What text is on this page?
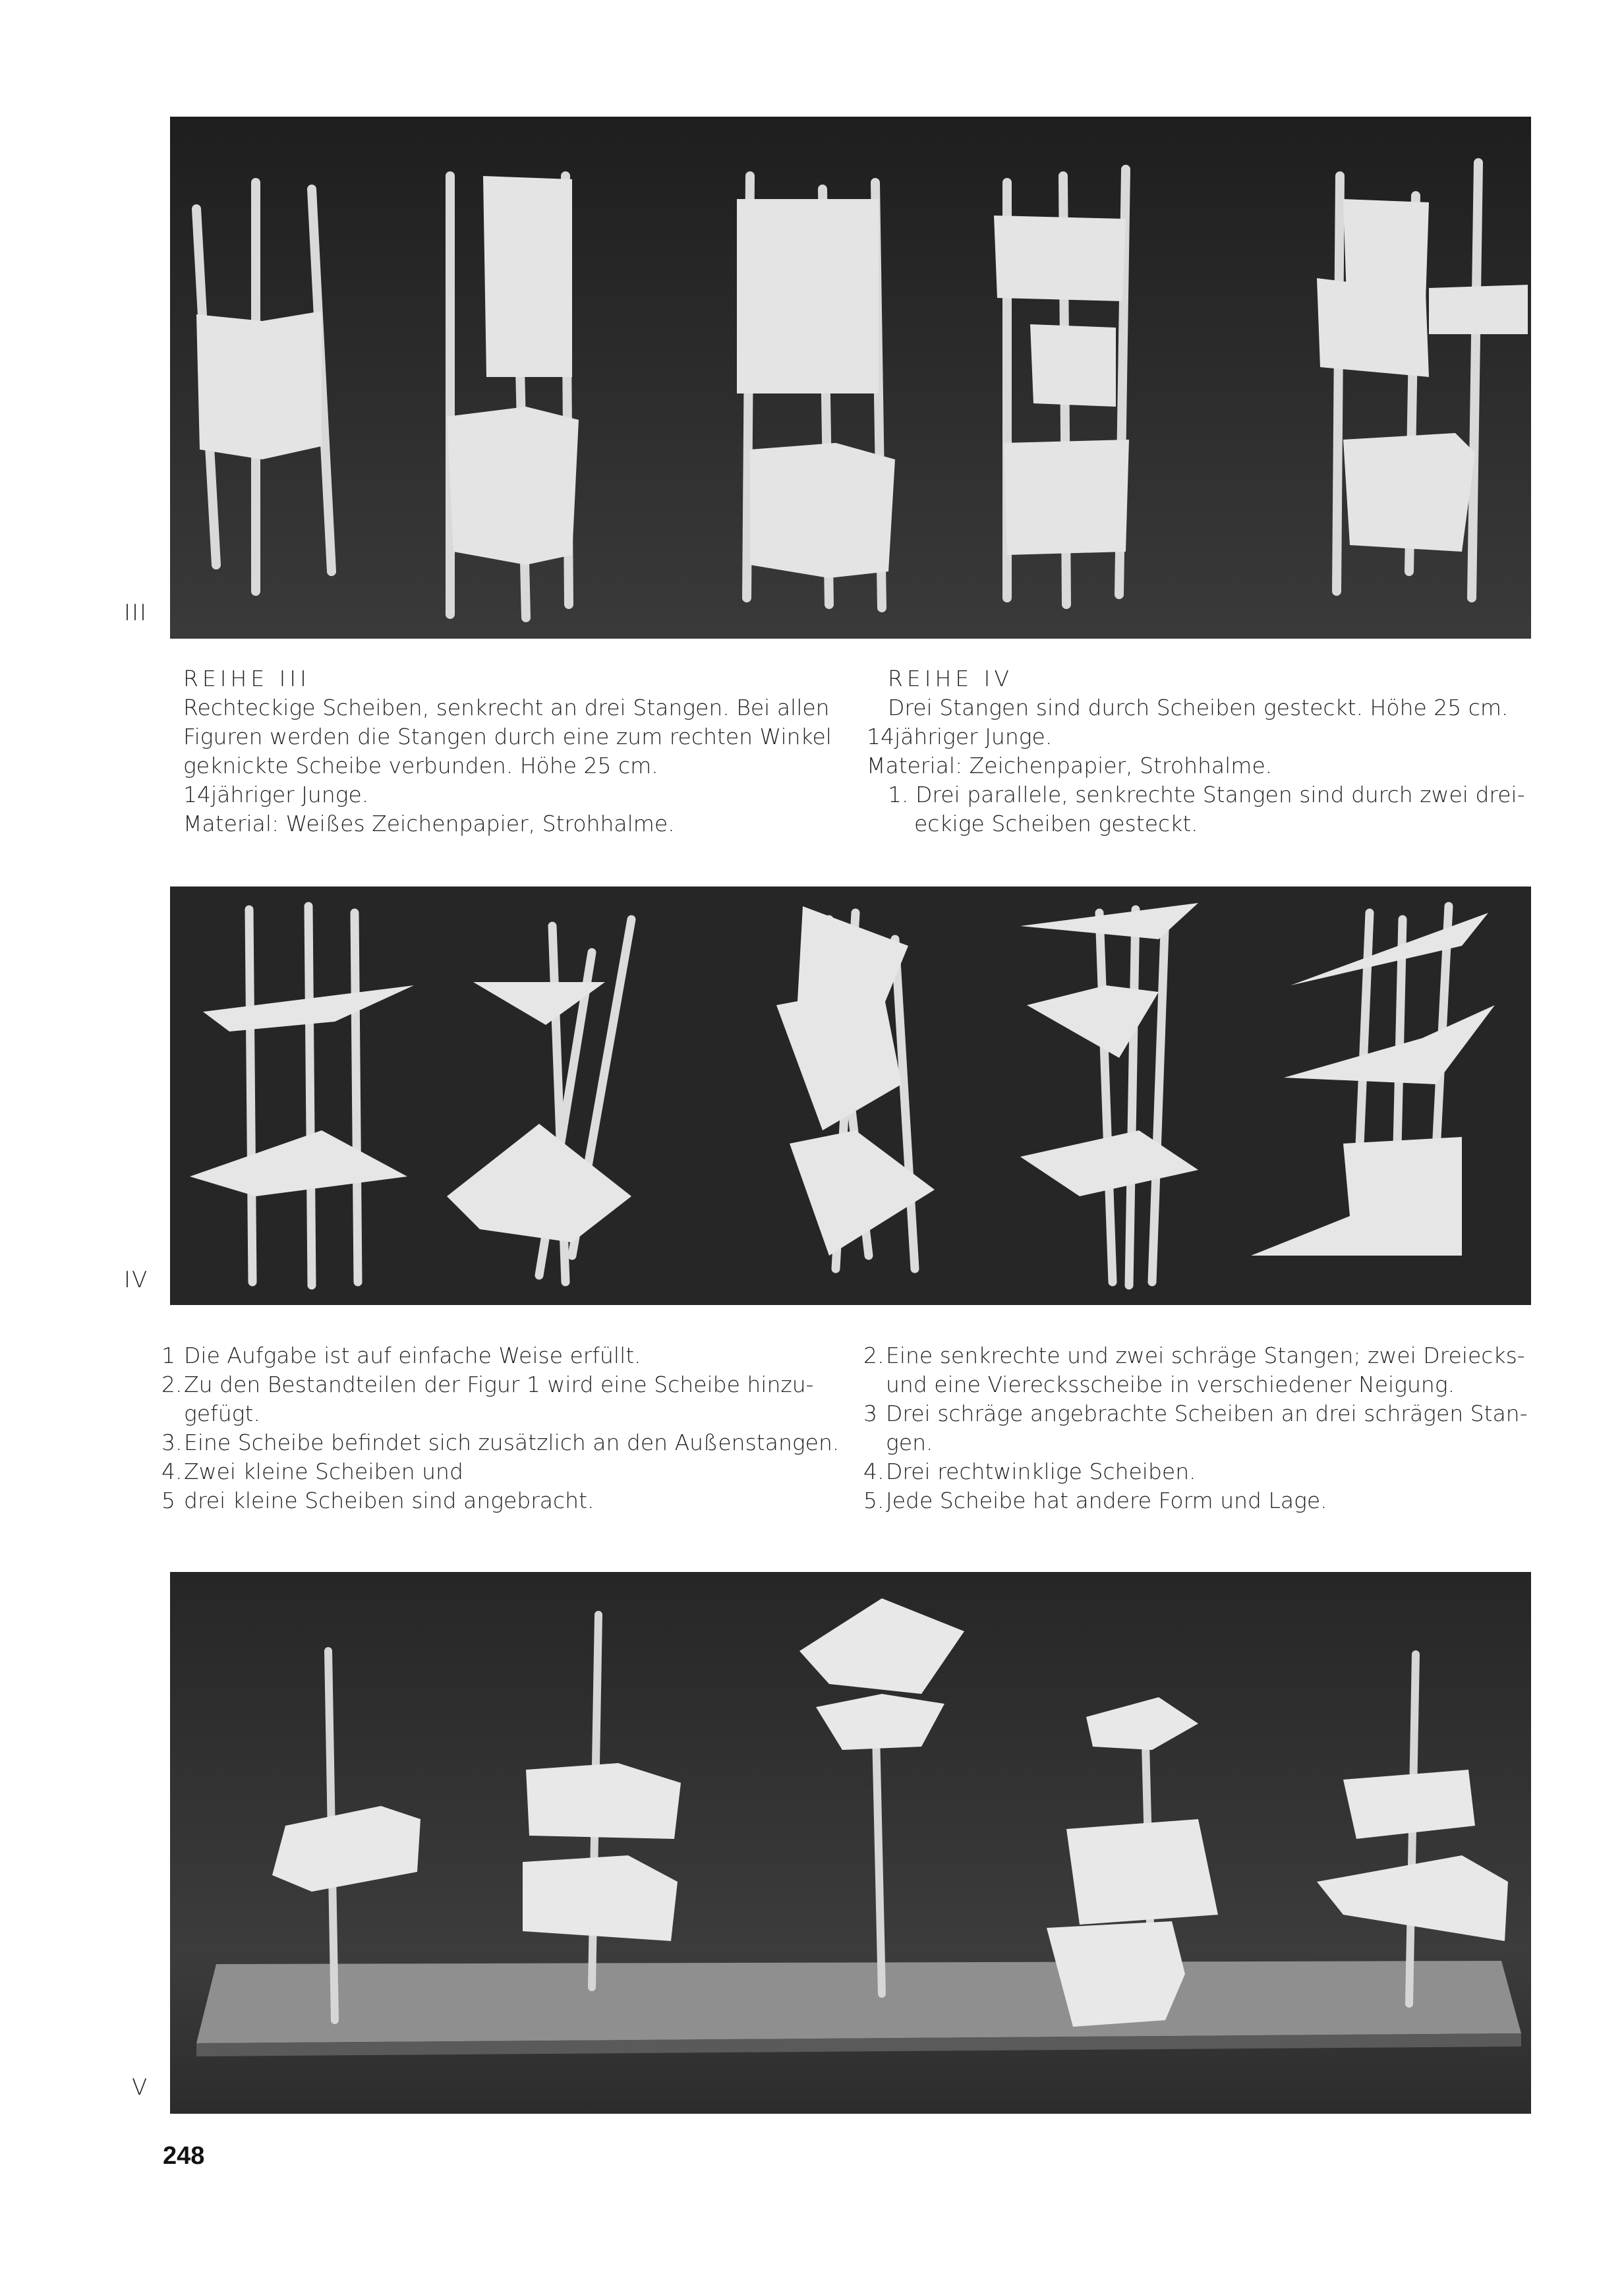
III
REIHE III
Rechteckige Scheiben, senkrecht an drei Stangen. Bei allen
Figuren werden die Stangen durch eine zum rechten Winkel
geknickte Scheibe verbunden. Höhe 25 cm.
14jähriger Junge.
Material: Weißes Zeichenpapier, Strohhalme.
REIHE IV
Drei Stangen sind durch Scheiben gesteckt. Höhe 25 cm.
14jähriger Junge.
Material: Zeichenpapier, Strohhalme.
1. Drei parallele, senkrechte Stangen sind durch zwei drei-
eckige Scheiben gesteckt.
IV
1 Die Aufgabe ist auf einfache Weise erfüllt.
2. Zu den Bestandteilen der Figur 1 wird eine Scheibe hinzu-
gefügt.
3. Eine Scheibe befindet sich zusätzlich an den Außenstangen.
4. Zwei kleine Scheiben und
5 drei kleine Scheiben sind angebracht.
2. Eine senkrechte und zwei schräge Stangen; zwei Dreiecks-
und eine Vierecksscheibe in verschiedener Neigung.
3 Drei schräge angebrachte Scheiben an drei schrägen Stan-
gen.
4. Drei rechtwinklige Scheiben.
5. Jede Scheibe hat andere Form und Lage.
V
248
